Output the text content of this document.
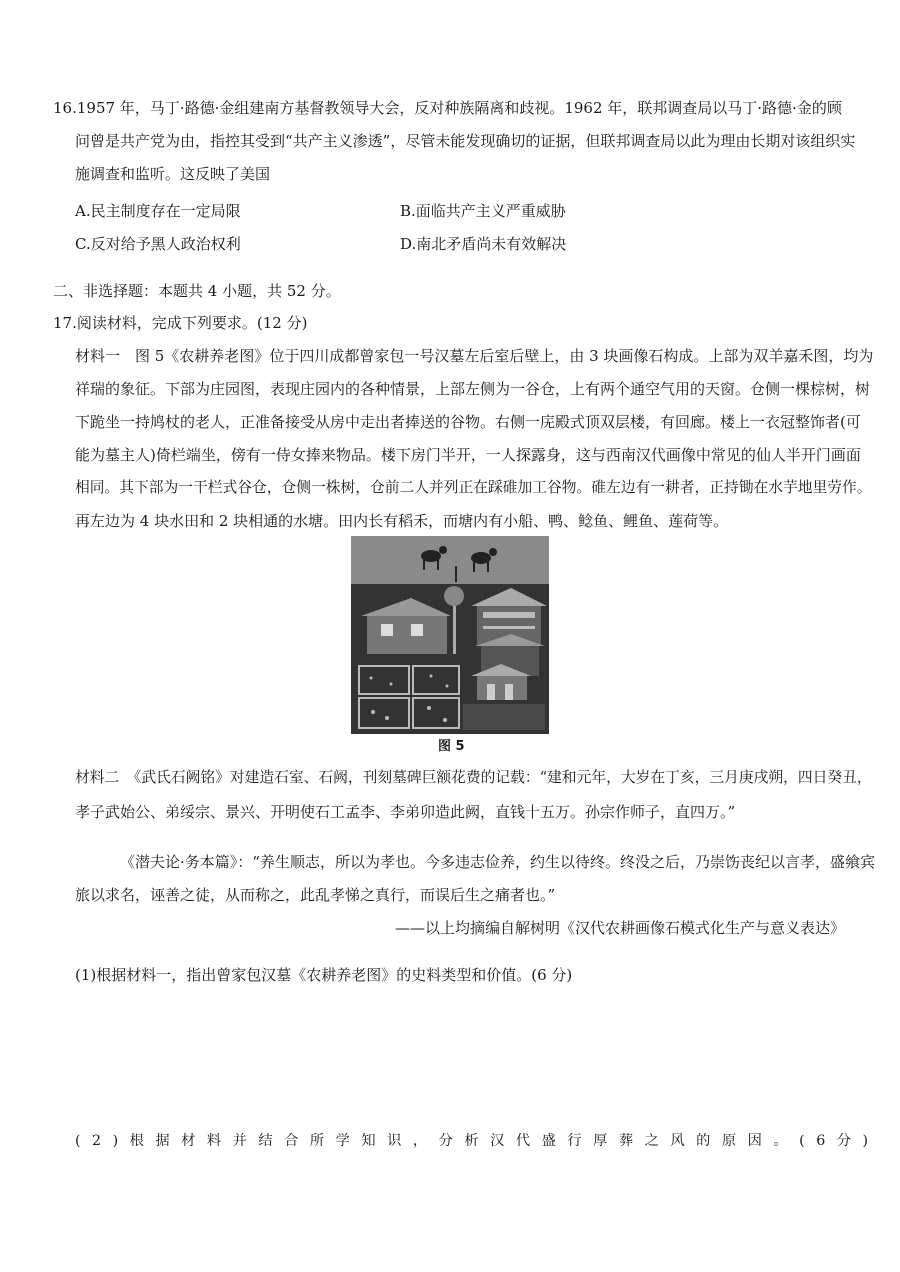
16.1957 年，马丁·路德·金组建南方基督教领导大会，反对种族隔离和歧视。1962 年，联邦调查局以马丁·路德·金的顾
问曾是共产党为由，指控其受到“共产主义渗透”，尽管未能发现确切的证据，但联邦调查局以此为理由长期对该组织实
施调查和监听。这反映了美国
A.民主制度存在一定局限	B.面临共产主义严重威胁
C.反对给予黑人政治权利	D.南北矛盾尚未有效解决
二、非选择题：本题共 4 小题，共 52 分。
17.阅读材料，完成下列要求。(12 分)
材料一　图 5《农耕养老图》位于四川成都曾家包一号汉墓左后室后壁上，由 3 块画像石构成。上部为双羊嘉禾图，均为
祥瑞的象征。下部为庄园图，表现庄园内的各种情景，上部左侧为一谷仓，上有两个通空气用的天窗。仓侧一棵棕树，树
下跪坐一持鸠杖的老人，正准备接受从房中走出者捧送的谷物。右侧一庑殿式顶双层楼，有回廊。楼上一衣冠整饰者(可
能为墓主人)倚栏端坐，傍有一侍女捧来物品。楼下房门半开，一人探露身，这与西南汉代画像中常见的仙人半开门画面
相同。其下部为一干栏式谷仓，仓侧一株树，仓前二人并列正在踩碓加工谷物。碓左边有一耕者，正持锄在水芋地里劳作。
再左边为 4 块水田和 2 块相通的水塘。田内长有稻禾，而塘内有小船、鸭、鲶鱼、鲤鱼、莲荷等。
图 5
材料二　《武氏石阙铭》对建造石室、石阙，刊刻墓碑巨额花费的记载：“建和元年，大岁在丁亥，三月庚戌朔，四日癸丑，
孝子武始公、弟绥宗、景兴、开明使石工孟李、李弟卯造此阙，直钱十五万。孙宗作师子，直四万。”
《潜夫论·务本篇》：“养生顺志，所以为孝也。今多违志俭养，约生以待终。终没之后，乃崇饬丧纪以言孝，盛飨宾
旅以求名，诬善之徒，从而称之，此乱孝悌之真行，而误后生之痛者也。”
——以上均摘编自解树明《汉代农耕画像石模式化生产与意义表达》
(1)根据材料一，指出曾家包汉墓《农耕养老图》的史料类型和价值。(6 分)
(2)根据材料并结合所学知识，分析汉代盛行厚葬之风的原因。(6分)
